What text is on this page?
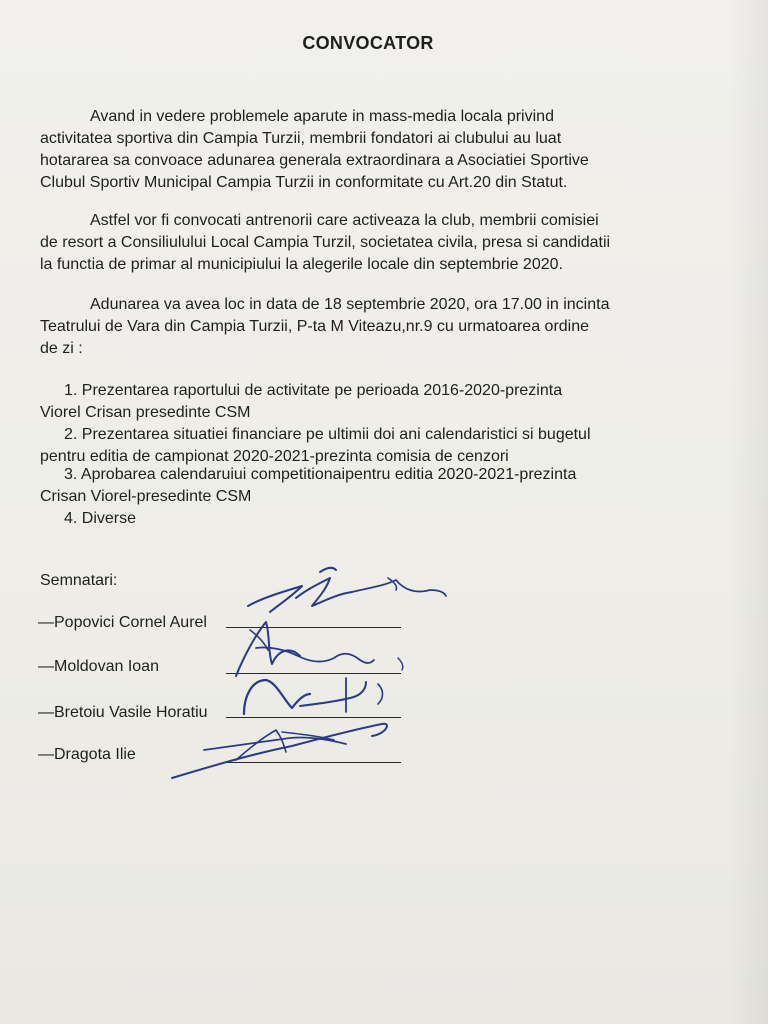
CONVOCATOR
Avand in vedere problemele aparute in mass-media locala privind
activitatea sportiva din Campia Turzii, membrii fondatori ai clubului au luat
hotararea sa convoace adunarea generala extraordinara a Asociatiei Sportive
Clubul Sportiv Municipal Campia Turzii in conformitate cu Art.20 din Statut.
Astfel vor fi convocati antrenorii care activeaza la club, membrii comisiei
de resort a Consiliulului Local Campia Turzil, societatea civila, presa si candidatii
la functia de primar al municipiului la alegerile locale din septembrie 2020.
Adunarea va avea loc in data de 18 septembrie 2020, ora 17.00 in incinta
Teatrului de Vara din Campia Turzii, P-ta M Viteazu,nr.9 cu urmatoarea ordine
de zi :
1. Prezentarea raportului de activitate pe perioada 2016-2020-prezinta
Viorel Crisan presedinte CSM
2. Prezentarea situatiei financiare pe ultimii doi ani calendaristici si bugetul
pentru editia de campionat 2020-2021-prezinta comisia de cenzori
3. Aprobarea calendaruiui competitionaipentru editia 2020-2021-prezinta
Crisan Viorel-presedinte CSM
4. Diverse
Semnatari:
—Popovici Cornel Aurel
—Moldovan Ioan
—Bretoiu Vasile Horatiu
—Dragota Ilie
